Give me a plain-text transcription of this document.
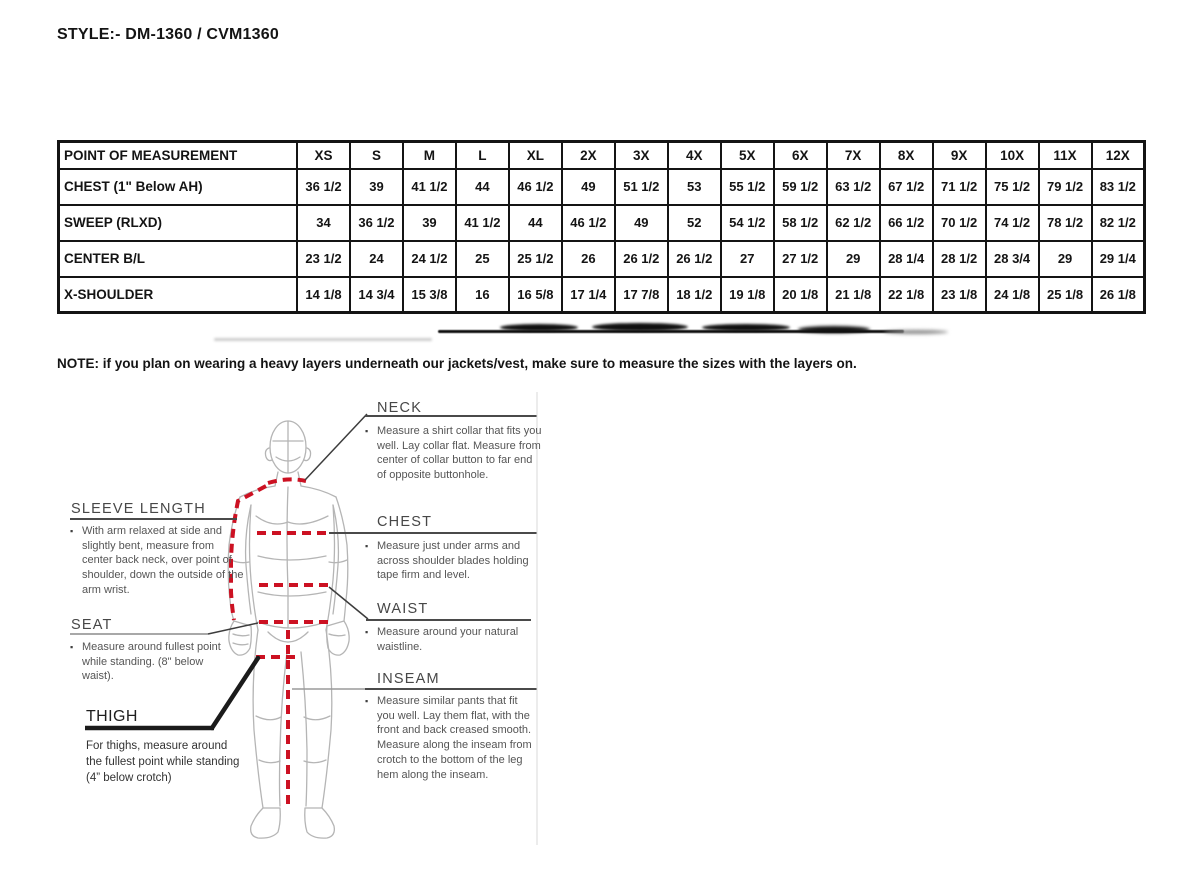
STYLE:- DM-1360 / CVM1360
POINT OF MEASUREMENT	XS	S	M	L	XL	2X	3X	4X	5X	6X	7X	8X	9X	10X	11X	12X
CHEST (1" Below AH)	36 1/2	39	41 1/2	44	46 1/2	49	51 1/2	53	55 1/2	59 1/2	63 1/2	67 1/2	71 1/2	75 1/2	79 1/2	83 1/2
SWEEP (RLXD)	34	36 1/2	39	41 1/2	44	46 1/2	49	52	54 1/2	58 1/2	62 1/2	66 1/2	70 1/2	74 1/2	78 1/2	82 1/2
CENTER B/L	23 1/2	24	24 1/2	25	25 1/2	26	26 1/2	26 1/2	27	27 1/2	29	28 1/4	28 1/2	28 3/4	29	29 1/4
X-SHOULDER	14 1/8	14 3/4	15 3/8	16	16 5/8	17 1/4	17 7/8	18 1/2	19 1/8	20 1/8	21 1/8	22 1/8	23 1/8	24 1/8	25 1/8	26 1/8
NOTE: if you plan on wearing a heavy layers underneath our jackets/vest, make sure to measure the sizes with the layers on.
NECK
▪
Measure a shirt collar that fits you well. Lay collar flat. Measure from center of collar button to far end of opposite buttonhole.
SLEEVE LENGTH
▪
With arm relaxed at side and slightly bent, measure from center back neck, over point of shoulder, down the outside of the arm wrist.
CHEST
▪
Measure just under arms and across shoulder blades holding tape firm and level.
WAIST
▪
Measure around your natural waistline.
SEAT
▪
Measure around fullest point while standing. (8" below waist).
THIGH
For thighs, measure around the fullest point while standing (4” below crotch)
INSEAM
▪
Measure similar pants that fit you well. Lay them flat, with the front and back creased smooth. Measure along the inseam from crotch to the bottom of the leg hem along the inseam.
